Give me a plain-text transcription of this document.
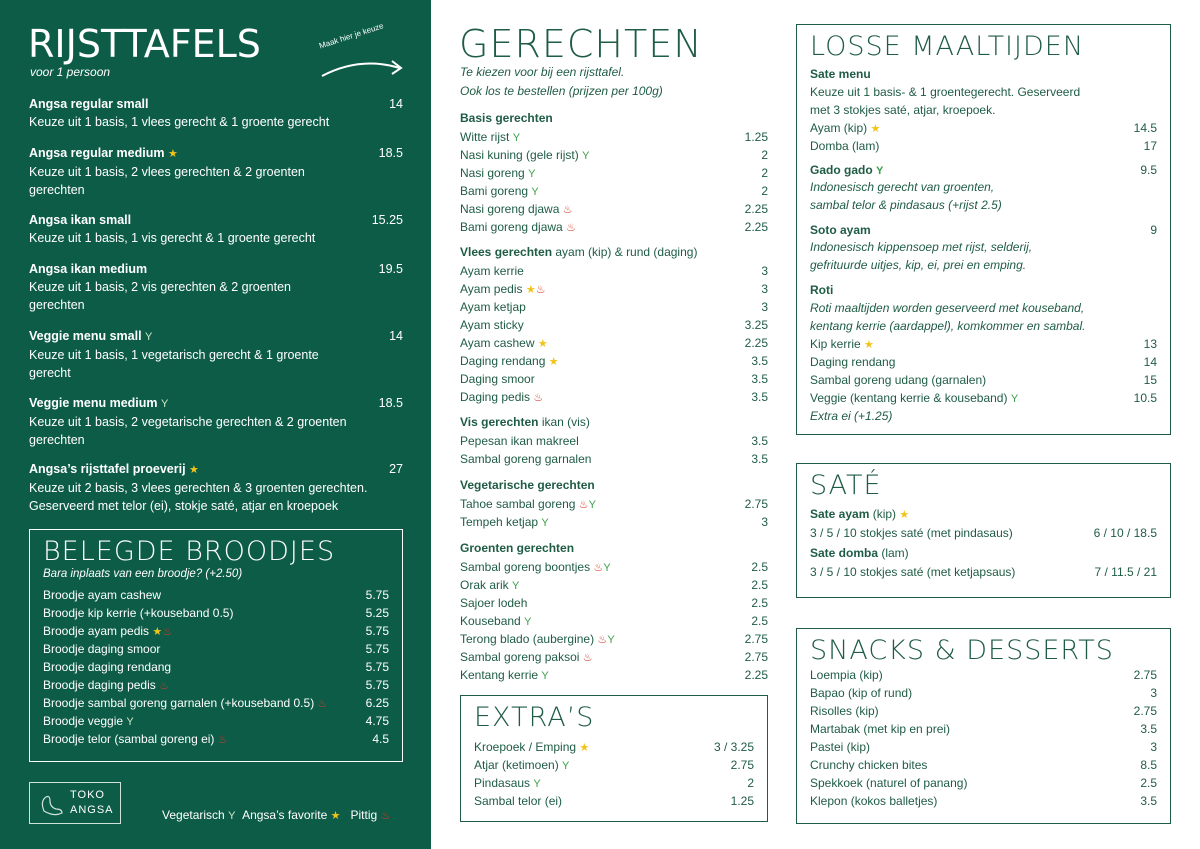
RIJSTTAFELS
voor 1 persoon
Maak hier je keuze
Angsa regular small	14
Keuze uit 1 basis, 1 vlees gerecht & 1 groente gerecht
Angsa regular medium ★	18.5
Keuze uit 1 basis, 2 vlees gerechten & 2 groenten gerechten
Angsa ikan small	15.25
Keuze uit 1 basis, 1 vis gerecht & 1 groente gerecht
Angsa ikan medium	19.5
Keuze uit 1 basis, 2 vis gerechten & 2 groenten gerechten
Veggie menu small Y	14
Keuze uit 1 basis, 1 vegetarisch gerecht & 1 groente gerecht
Veggie menu medium Y	18.5
Keuze uit 1 basis, 2 vegetarische gerechten & 2 groenten gerechten
Angsa’s rijsttafel proeverij ★	27
Keuze uit 2 basis, 3 vlees gerechten & 3 groenten gerechten. Geserveerd met telor (ei), stokje saté, atjar en kroepoek
BELEGDE BROODJES
Bara inplaats van een broodje? (+2.50)
Broodje ayam cashew	5.75
Broodje kip kerrie (+kouseband 0.5)	5.25
Broodje ayam pedis ★♨	5.75
Broodje daging smoor	5.75
Broodje daging rendang	5.75
Broodje daging pedis ♨	5.75
Broodje sambal goreng garnalen (+kouseband 0.5) ♨	6.25
Broodje veggie Y	4.75
Broodje telor (sambal goreng ei) ♨	4.5
TOKO
ANGSA	Vegetarisch Y Angsa’s favorite ★ Pittig ♨
GERECHTEN
Te kiezen voor bij een rijsttafel.
Ook los te bestellen (prijzen per 100g)
Basis gerechten
Witte rijst Y	1.25
Nasi kuning (gele rijst) Y	2
Nasi goreng Y	2
Bami goreng Y	2
Nasi goreng djawa ♨	2.25
Bami goreng djawa ♨	2.25
Vlees gerechten ayam (kip) & rund (daging)
Ayam kerrie	3
Ayam pedis ★♨	3
Ayam ketjap	3
Ayam sticky	3.25
Ayam cashew ★	2.25
Daging rendang ★	3.5
Daging smoor	3.5
Daging pedis ♨	3.5
Vis gerechten ikan (vis)
Pepesan ikan makreel	3.5
Sambal goreng garnalen	3.5
Vegetarische gerechten
Tahoe sambal goreng ♨Y	2.75
Tempeh ketjap Y	3
Groenten gerechten
Sambal goreng boontjes ♨Y	2.5
Orak arik Y	2.5
Sajoer lodeh	2.5
Kouseband Y	2.5
Terong blado (aubergine) ♨Y	2.75
Sambal goreng paksoi ♨	2.75
Kentang kerrie Y	2.25
EXTRA’S
Kroepoek / Emping ★	3 / 3.25
Atjar (ketimoen) Y	2.75
Pindasaus Y	2
Sambal telor (ei)	1.25
LOSSE MAALTIJDEN
Sate menu
Keuze uit 1 basis- & 1 groentegerecht. Geserveerd
met 3 stokjes saté, atjar, kroepoek.
Ayam (kip) ★	14.5
Domba (lam)	17
Gado gado Y	9.5
Indonesisch gerecht van groenten,
sambal telor & pindasaus (+rijst 2.5)
Soto ayam	9
Indonesisch kippensoep met rijst, selderij,
gefrituurde uitjes, kip, ei, prei en emping.
Roti
Roti maaltijden worden geserveerd met kouseband,
kentang kerrie (aardappel), komkommer en sambal.
Kip kerrie ★	13
Daging rendang	14
Sambal goreng udang (garnalen)	15
Veggie (kentang kerrie & kouseband) Y	10.5
Extra ei (+1.25)
SATÉ
Sate ayam (kip) ★
3 / 5 / 10 stokjes saté (met pindasaus)	6 / 10 / 18.5
Sate domba (lam)
3 / 5 / 10 stokjes saté (met ketjapsaus)	7 / 11.5 / 21
SNACKS & DESSERTS
Loempia (kip)	2.75
Bapao (kip of rund)	3
Risolles (kip)	2.75
Martabak (met kip en prei)	3.5
Pastei (kip)	3
Crunchy chicken bites	8.5
Spekkoek (naturel of panang)	2.5
Klepon (kokos balletjes)	3.5
